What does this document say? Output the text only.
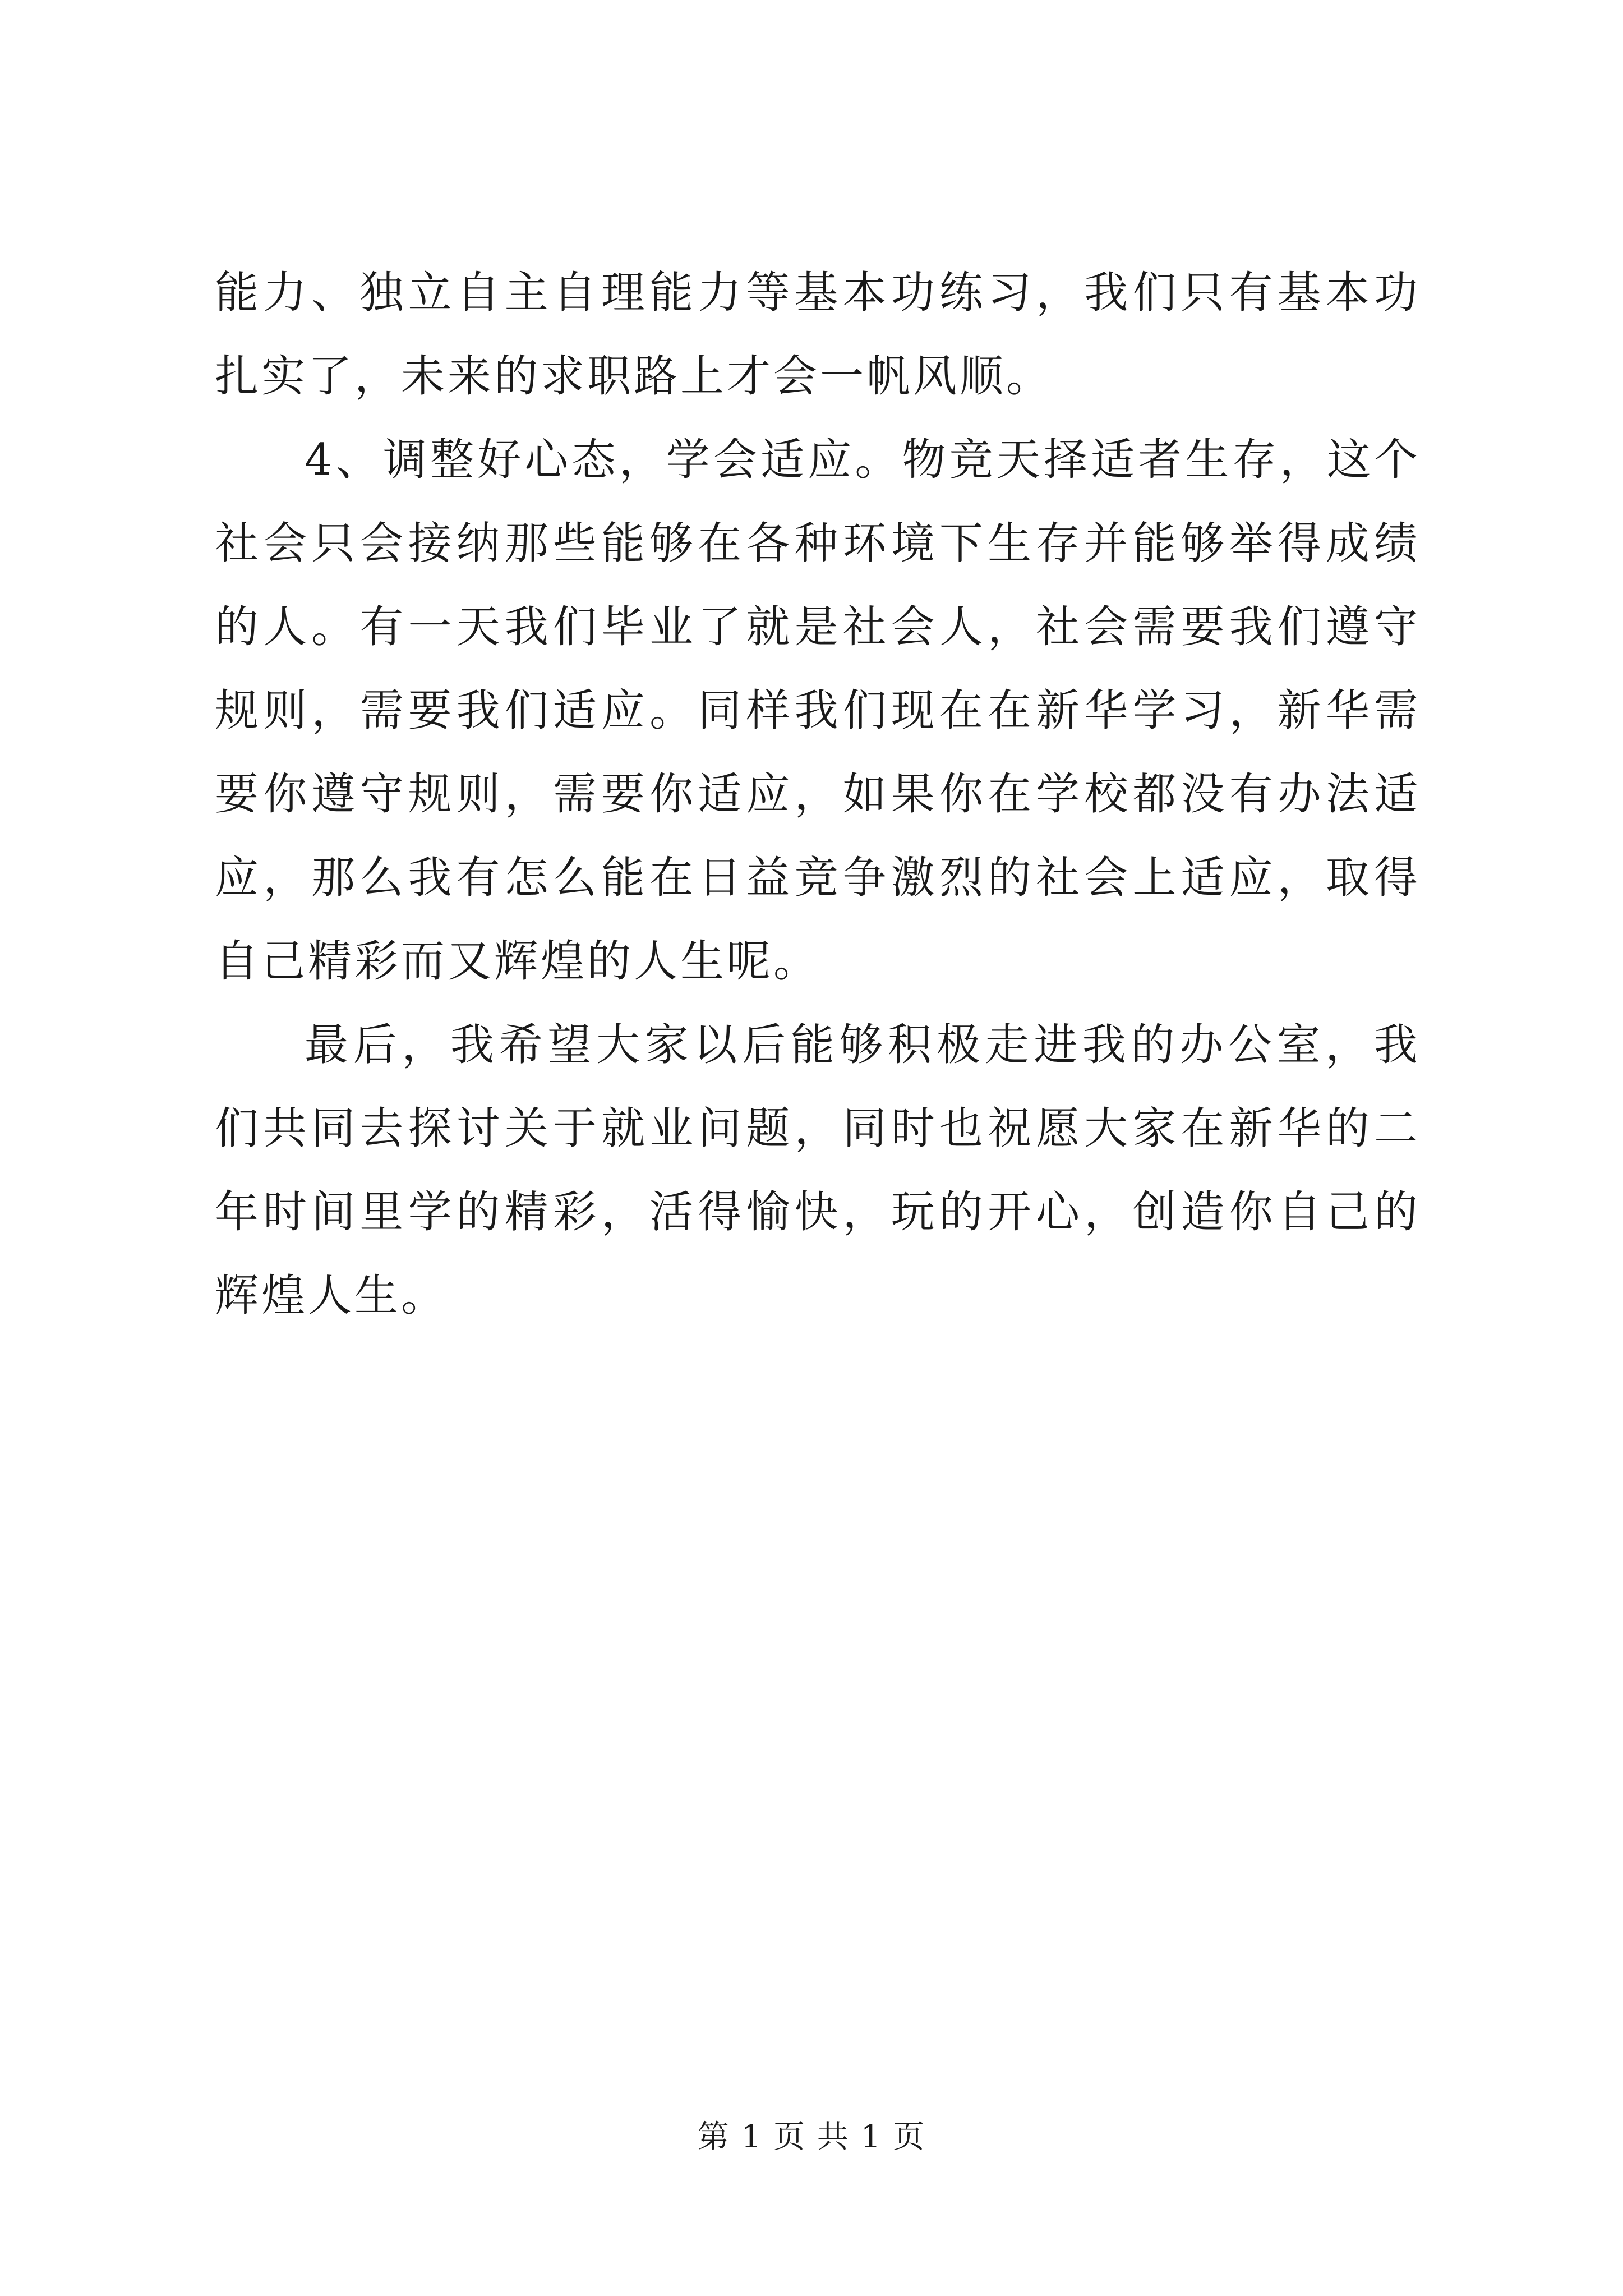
能力、独立自主自理能力等基本功练习，我们只有基本功扎实了，未来的求职路上才会一帆风顺。

4、调整好心态，学会适应。物竞天择适者生存，这个社会只会接纳那些能够在各种环境下生存并能够举得成绩的人。有一天我们毕业了就是社会人，社会需要我们遵守规则，需要我们适应。同样我们现在在新华学习，新华需要你遵守规则，需要你适应，如果你在学校都没有办法适应，那么我有怎么能在日益竞争激烈的社会上适应，取得自己精彩而又辉煌的人生呢。

最后，我希望大家以后能够积极走进我的办公室，我们共同去探讨关于就业问题，同时也祝愿大家在新华的二年时间里学的精彩，活得愉快，玩的开心，创造你自己的辉煌人生。

第 1 页 共 1 页
